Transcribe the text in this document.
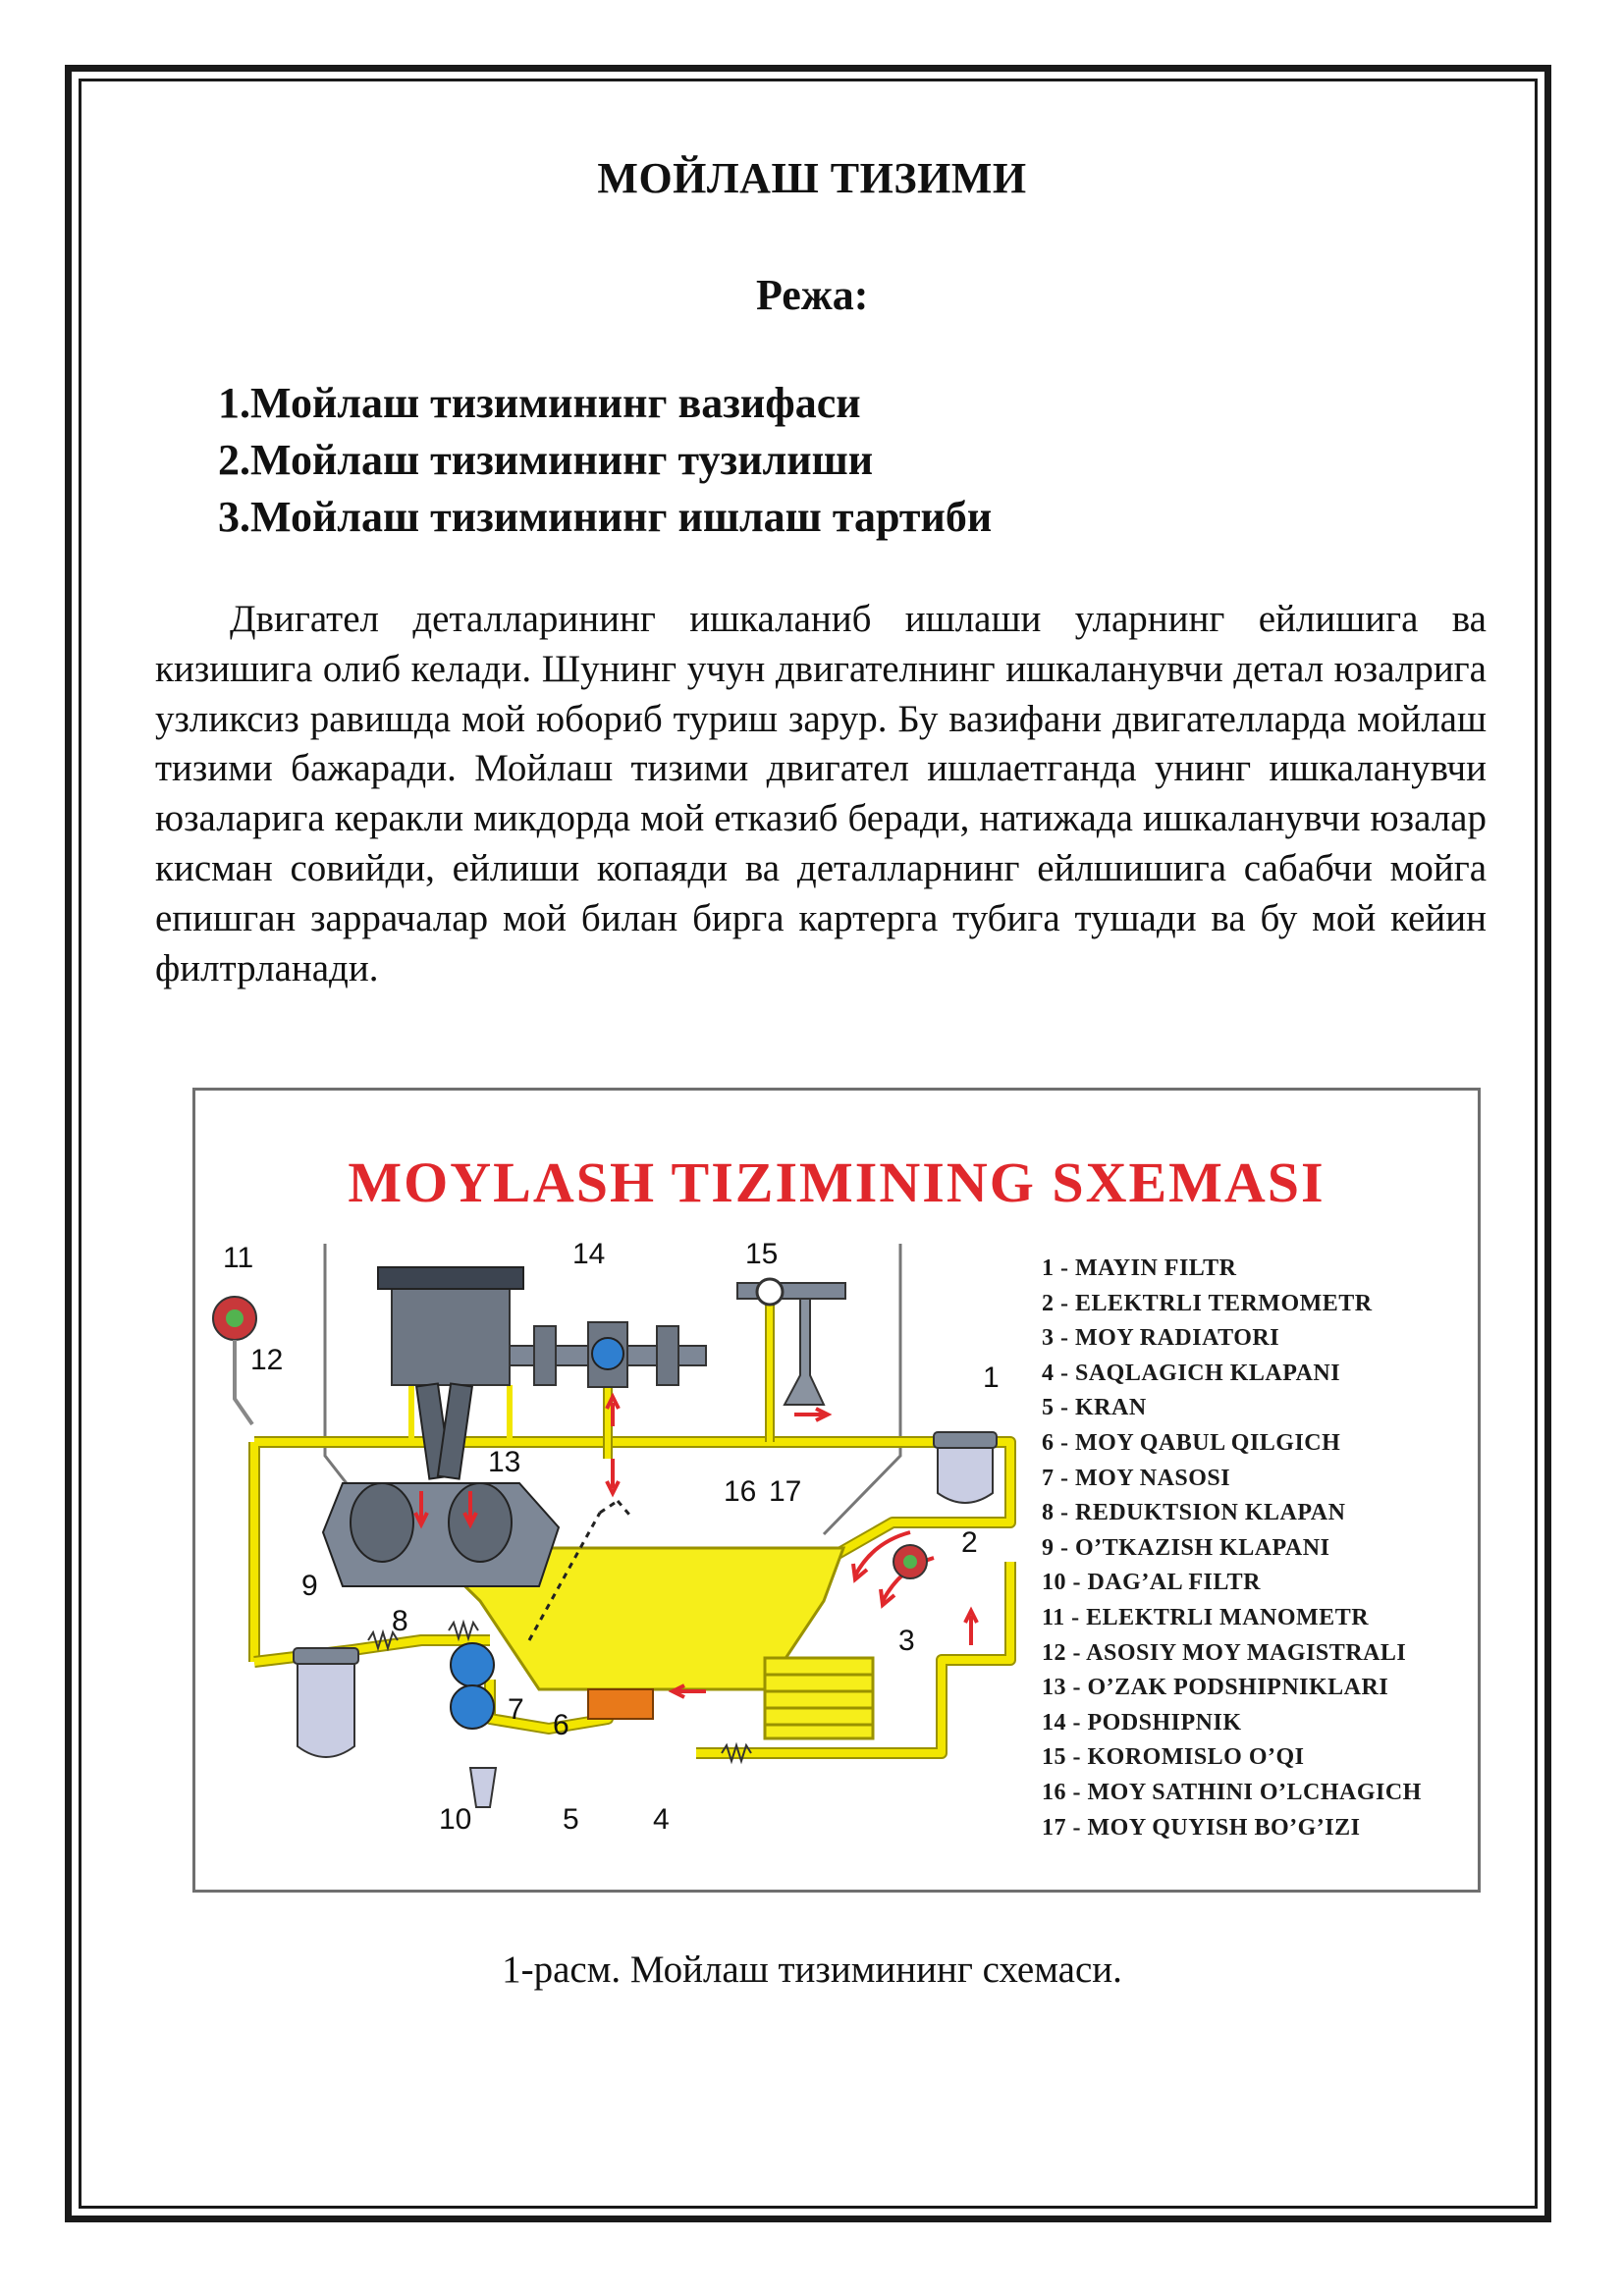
МОЙЛАШ ТИЗИМИ
Режа:
1.Мойлаш тизимининг вазифаси
2.Мойлаш тизимининг тузилиши
3.Мойлаш тизимининг ишлаш тартиби

Двигател деталларининг ишкаланиб ишлаши уларнинг ейлишига ва кизишига олиб келади. Шунинг учун двигателнинг ишкаланувчи детал юзалрига узликсиз равишда мой юбориб туриш зарур. Бу вазифани двигателларда мойлаш тизими бажаради. Мойлаш тизими двигател ишлаетганда унинг ишкаланувчи юзаларига керакли микдорда мой етказиб беради, натижада ишкаланувчи юзалар кисман совийди, ейлиши копаяди ва деталларнинг ейлшишига сабабчи мойга епишган заррачалар мой билан бирга картерга тубига тушади ва бу мой кейин филтрланади.

MOYLASH TIZIMINING SXEMASI
11	14	15
12
1
13
16 17
2
9
8
3
7 6
10	5	4
1 - MAYIN FILTR
2 - ELEKTRLI TERMOMETR
3 - MOY RADIATORI
4 - SAQLAGICH KLAPANI
5 - KRAN
6 - MOY QABUL QILGICH
7 - MOY NASOSI
8 - REDUKTSION KLAPAN
9 - O’TKAZISH KLAPANI
10 - DAG’AL FILTR
11 - ELEKTRLI MANOMETR
12 - ASOSIY MOY MAGISTRALI
13 - O’ZAK PODSHIPNIKLARI
14 - PODSHIPNIK
15 - KOROMISLO O’QI
16 - MOY SATHINI O’LCHAGICH
17 - MOY QUYISH BO’G’IZI
1-расм. Мойлаш тизимининг схемаси.
